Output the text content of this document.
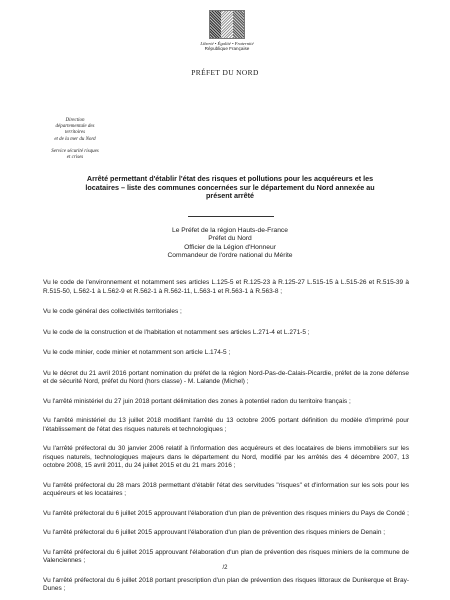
Liberté • Égalité • Fraternité
République Française
PRÉFET DU NORD
Direction
départementale des
territoires
et de la mer du Nord
Service sécurité risques
et crises
Arrêté permettant d'établir l'état des risques et pollutions pour les acquéreurs et les locataires – liste des communes concernées sur le département du Nord annexée au présent arrêté
Le Préfet de la région Hauts-de-France
Préfet du Nord
Officier de la Légion d'Honneur
Commandeur de l'ordre national du Mérite

Vu le code de l'environnement et notamment ses articles L.125-5 et R.125-23 à R.125-27 L.515-15 à L.515-26 et R.515-39 à R.515-50, L.562-1 à L.562-9 et R.562-1 à R.562-11, L.563-1 et R.563-1 à R.563-8 ;

Vu le code général des collectivités territoriales ;

Vu le code de la construction et de l'habitation et notamment ses articles L.271-4 et L.271-5 ;

Vu le code minier, code minier et notamment son article L.174-5 ;

Vu le décret du 21 avril 2016 portant nomination du préfet de la région Nord-Pas-de-Calais-Picardie, préfet de la zone défense et de sécurité Nord, préfet du Nord (hors classe) - M. Lalande (Michel) ;

Vu l'arrêté ministériel du 27 juin 2018 portant délimitation des zones à potentiel radon du territoire français ;

Vu l'arrêté ministériel du 13 juillet 2018 modifiant l'arrêté du 13 octobre 2005 portant définition du modèle d'imprimé pour l'établissement de l'état des risques naturels et technologiques ;

Vu l'arrêté préfectoral du 30 janvier 2006 relatif à l'information des acquéreurs et des locataires de biens immobiliers sur les risques naturels, technologiques majeurs dans le département du Nord, modifié par les arrêtés des 4 décembre 2007, 13 octobre 2008, 15 avril 2011, du 24 juillet 2015 et du 21 mars 2016 ;

Vu l'arrêté préfectoral du 28 mars 2018 permettant d'établir l'état des servitudes "risques" et d'information sur les sols pour les acquéreurs et les locataires ;

Vu l'arrêté préfectoral du 6 juillet 2015 approuvant l'élaboration d'un plan de prévention des risques miniers du Pays de Condé ;

Vu l'arrêté préfectoral du 6 juillet 2015 approuvant l'élaboration d'un plan de prévention des risques miniers de Denain ;

Vu l'arrêté préfectoral du 6 juillet 2015 approuvant l'élaboration d'un plan de prévention des risques miniers de la commune de Valenciennes ;

Vu l'arrêté préfectoral du 6 juillet 2018 portant prescription d'un plan de prévention des risques littoraux de Dunkerque et Bray-Dunes ;

/2
